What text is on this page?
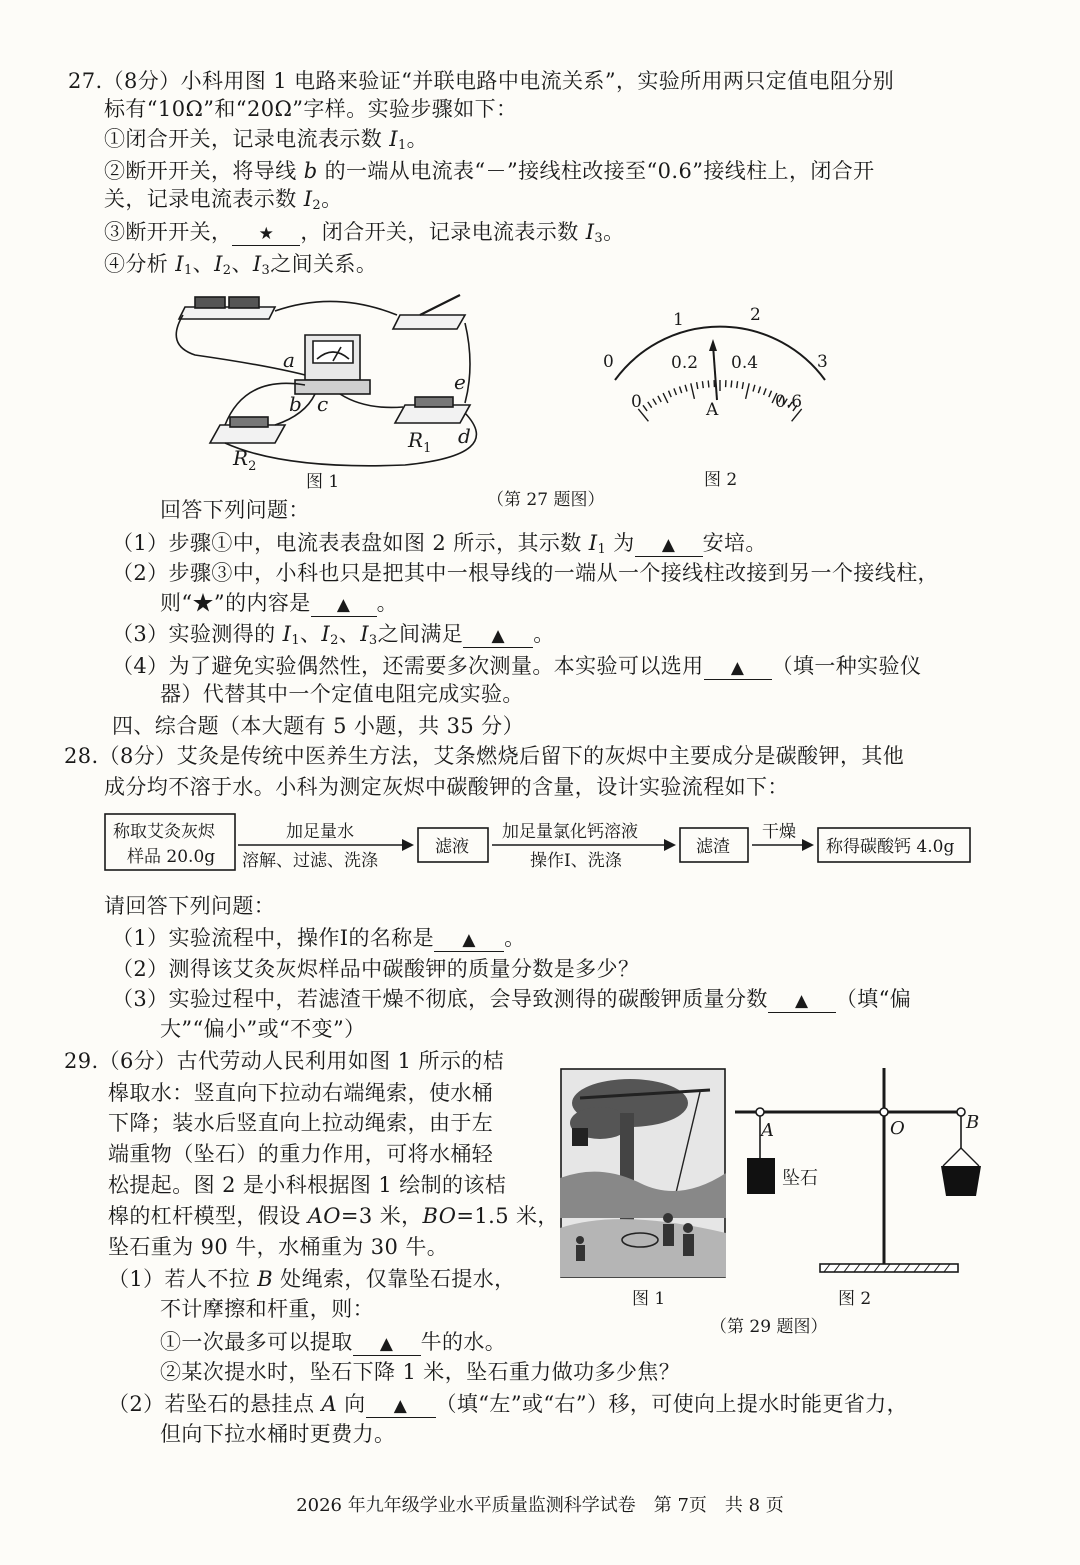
27.（8分）小科用图 1 电路来验证“并联电路中电流关系”，实验所用两只定值电阻分别
标有“10Ω”和“20Ω”字样。实验步骤如下：
①闭合开关，记录电流表示数 $I_1$。
②断开开关，将导线 b 的一端从电流表“－”接线柱改接至“0.6”接线柱上，闭合开
关，记录电流表示数 $I_2$。
③断开开关， ★ ，闭合开关，记录电流表示数 $I_3$。
④分析 $I_1$、$I_2$、$I_3$之间关系。
a
b c
e
d
$R_1$
$R_2$
图 1
0
1	2
3
0.2 0.4
0	0.6
A
图 2
（第 27 题图）
回答下列问题：
（1）步骤①中，电流表表盘如图 2 所示，其示数 $I_1$ 为 ▲ 安培。
（2）步骤③中，小科也只是把其中一根导线的一端从一个接线柱改接到另一个接线柱，
则“★”的内容是 ▲ 。
（3）实验测得的 $I_1$、$I_2$、$I_3$之间满足 ▲ 。
（4）为了避免实验偶然性，还需要多次测量。本实验可以选用 ▲ （填一种实验仪
器）代替其中一个定值电阻完成实验。
四、综合题（本大题有 5 小题，共 35 分）
28.（8分）艾灸是传统中医养生方法，艾条燃烧后留下的灰烬中主要成分是碳酸钾，其他
成分均不溶于水。小科为测定灰烬中碳酸钾的含量，设计实验流程如下：
称取艾灸灰烬
样品 20.0g
加足量水
溶解、过滤、洗涤
滤液
加足量氯化钙溶液
操作I、洗涤
滤渣
干燥
称得碳酸钙 4.0g
请回答下列问题：
（1）实验流程中，操作I的名称是 ▲ 。
（2）测得该艾灸灰烬样品中碳酸钾的质量分数是多少？
（3）实验过程中，若滤渣干燥不彻底，会导致测得的碳酸钾质量分数 ▲ （填“偏
大”“偏小”或“不变”）
29.（6分）古代劳动人民利用如图 1 所示的桔
槔取水：竖直向下拉动右端绳索，使水桶
下降；装水后竖直向上拉动绳索，由于左
端重物（坠石）的重力作用，可将水桶轻
松提起。图 2 是小科根据图 1 绘制的该桔
槔的杠杆模型，假设 AO=3 米，BO=1.5 米，
坠石重为 90 牛，水桶重为 30 牛。
（1）若人不拉 B 处绳索，仅靠坠石提水，
不计摩擦和杆重，则：
①一次最多可以提取 ▲ 牛的水。
②某次提水时，坠石下降 1 米，坠石重力做功多少焦？
（2）若坠石的悬挂点 A 向 ▲ （填“左”或“右”）移，可使向上提水时能更省力，
但向下拉水桶时更费力。
图 1
A	O	B
坠石
图 2
（第 29 题图）
2026 年九年级学业水平质量监测科学试卷　第 7页　共 8 页
